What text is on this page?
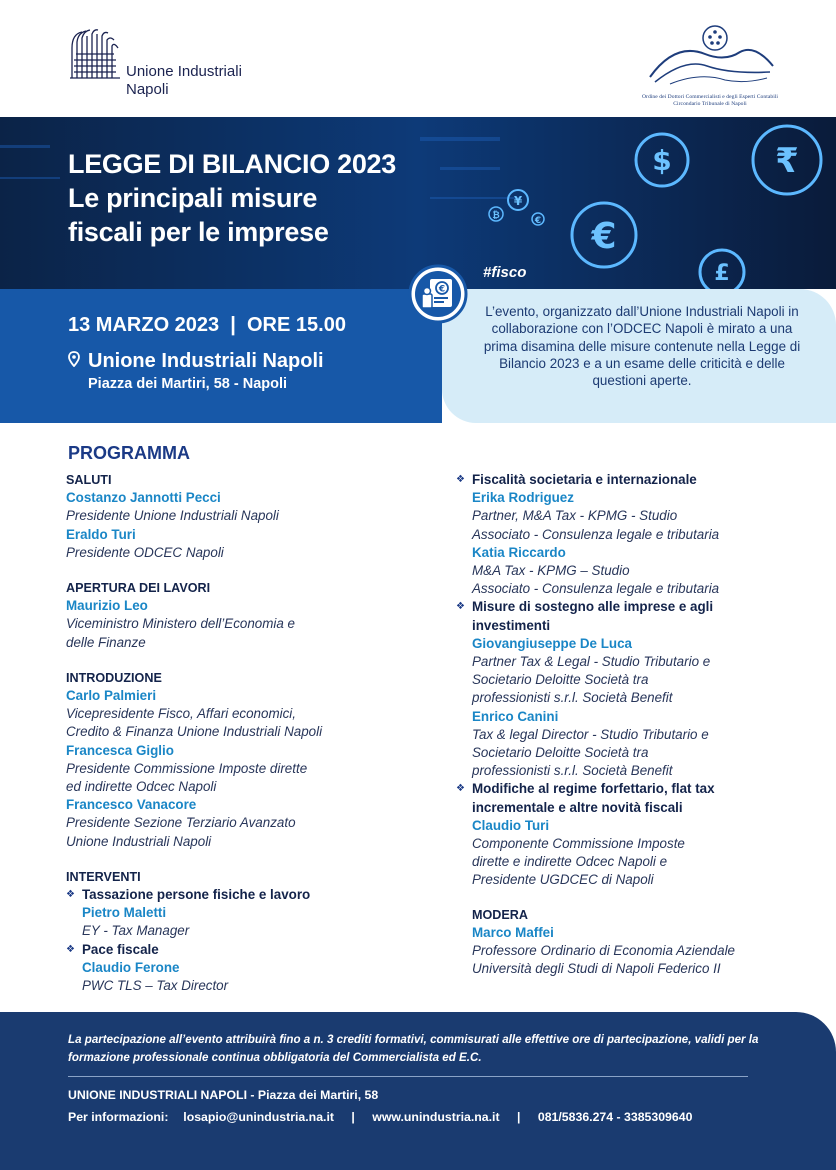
Unione Industriali
Napoli	Ordine dei Dottori Commercialisti e degli Esperti Contabili
Circondario Tribunale di Napoli
LEGGE DI BILANCIO 2023
Le principali misure
fiscali per le imprese
$	₹
€
£
¥
€
₿
#fisco
13 MARZO 2023  |  ORE 15.00
Unione Industriali Napoli
Piazza dei Martiri, 58 - Napoli

L’evento, organizzato dall’Unione Industriali Napoli in collaborazione con l’ODCEC Napoli è mirato a una prima disamina delle misure contenute nella Legge di Bilancio 2023 e a un esame delle criticità e delle questioni aperte.

€
PROGRAMMA
SALUTI
Costanzo Jannotti Pecci
Presidente Unione Industriali Napoli
Eraldo Turi
Presidente ODCEC Napoli
APERTURA DEI LAVORI
Maurizio Leo
Viceministro Ministero dell’Economia e
delle Finanze
INTRODUZIONE
Carlo Palmieri
Vicepresidente Fisco, Affari economici,
Credito & Finanza Unione Industriali Napoli
Francesca Giglio
Presidente Commissione Imposte dirette
ed indirette Odcec Napoli
Francesco Vanacore
Presidente Sezione Terziario Avanzato
Unione Industriali Napoli
INTERVENTI
❖ Tassazione persone fisiche e lavoro
Pietro Maletti
EY - Tax Manager
❖ Pace fiscale
Claudio Ferone
PWC TLS – Tax Director
❖ Fiscalità societaria e internazionale
Erika Rodriguez
Partner, M&A Tax - KPMG - Studio
Associato - Consulenza legale e tributaria
Katia Riccardo
M&A Tax - KPMG – Studio
Associato - Consulenza legale e tributaria
❖ Misure di sostegno alle imprese e agli
investimenti
Giovangiuseppe De Luca
Partner Tax & Legal - Studio Tributario e
Societario Deloitte Società tra
professionisti s.r.l. Società Benefit
Enrico Canini
Tax & legal Director - Studio Tributario e
Societario Deloitte Società tra
professionisti s.r.l. Società Benefit
❖ Modifiche al regime forfettario, flat tax
incrementale e altre novità fiscali
Claudio Turi
Componente Commissione Imposte
dirette e indirette Odcec Napoli e
Presidente UGDCEC di Napoli
MODERA
Marco Maffei
Professore Ordinario di Economia Aziendale
Università degli Studi di Napoli Federico II
La partecipazione all’evento attribuirà fino a n. 3 crediti formativi, commisurati alle effettive ore di partecipazione, validi per la formazione professionale continua obbligatoria del Commercialista ed E.C.
UNIONE INDUSTRIALI NAPOLI - Piazza dei Martiri, 58
Per informazioni: losapio@unindustria.na.it | www.unindustria.na.it | 081/5836.274 - 3385309640
